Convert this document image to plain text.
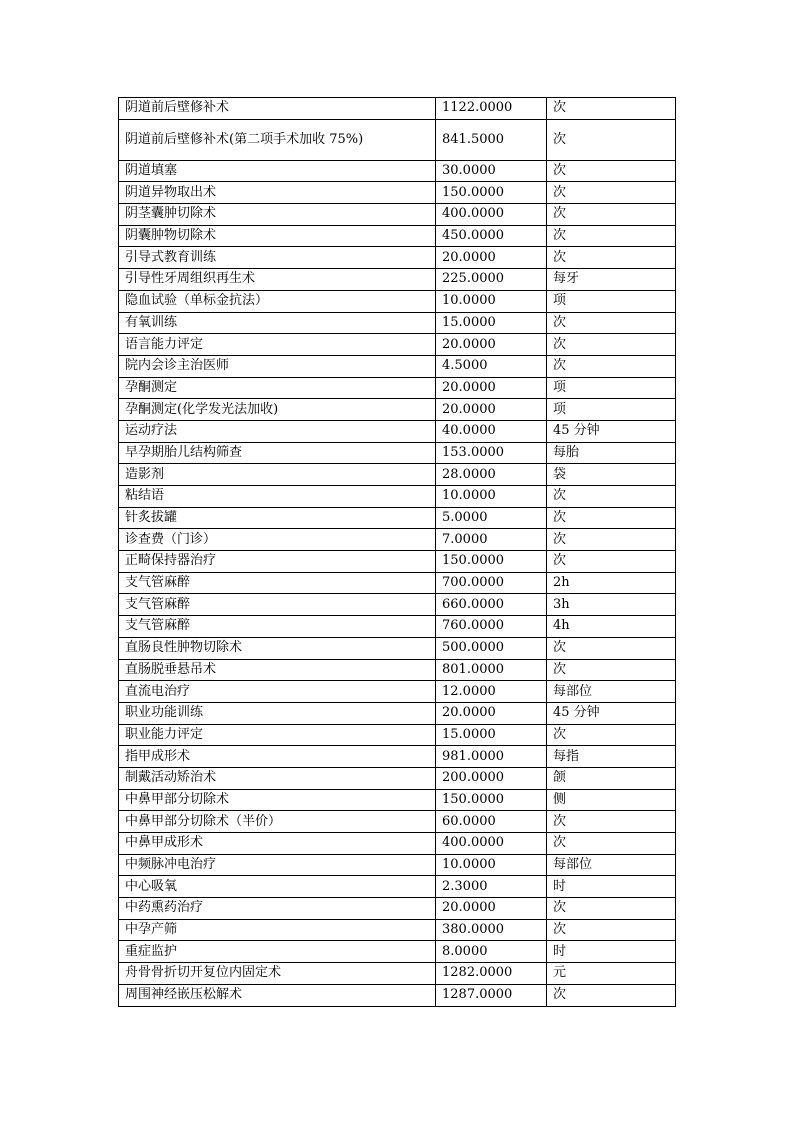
阴道前后壁修补术	1122.0000	次
阴道前后壁修补术(第二项手术加收 75%)	841.5000	次
阴道填塞	30.0000	次
阴道异物取出术	150.0000	次
阴茎囊肿切除术	400.0000	次
阴囊肿物切除术	450.0000	次
引导式教育训练	20.0000	次
引导性牙周组织再生术	225.0000	每牙
隐血试验（单标金抗法）	10.0000	项
有氧训练	15.0000	次
语言能力评定	20.0000	次
院内会诊主治医师	4.5000	次
孕酮测定	20.0000	项
孕酮测定(化学发光法加收)	20.0000	项
运动疗法	40.0000	45 分钟
早孕期胎儿结构筛查	153.0000	每胎
造影剂	28.0000	袋
粘结语	10.0000	次
针炙拔罐	5.0000	次
诊查费（门诊）	7.0000	次
正畸保持器治疗	150.0000	次
支气管麻醉	700.0000	2h
支气管麻醉	660.0000	3h
支气管麻醉	760.0000	4h
直肠良性肿物切除术	500.0000	次
直肠脱垂悬吊术	801.0000	次
直流电治疗	12.0000	每部位
职业功能训练	20.0000	45 分钟
职业能力评定	15.0000	次
指甲成形术	981.0000	每指
制戴活动矫治术	200.0000	颌
中鼻甲部分切除术	150.0000	侧
中鼻甲部分切除术（半价）	60.0000	次
中鼻甲成形术	400.0000	次
中频脉冲电治疗	10.0000	每部位
中心吸氧	2.3000	时
中药熏药治疗	20.0000	次
中孕产筛	380.0000	次
重症监护	8.0000	时
舟骨骨折切开复位内固定术	1282.0000	元
周围神经嵌压松解术	1287.0000	次
